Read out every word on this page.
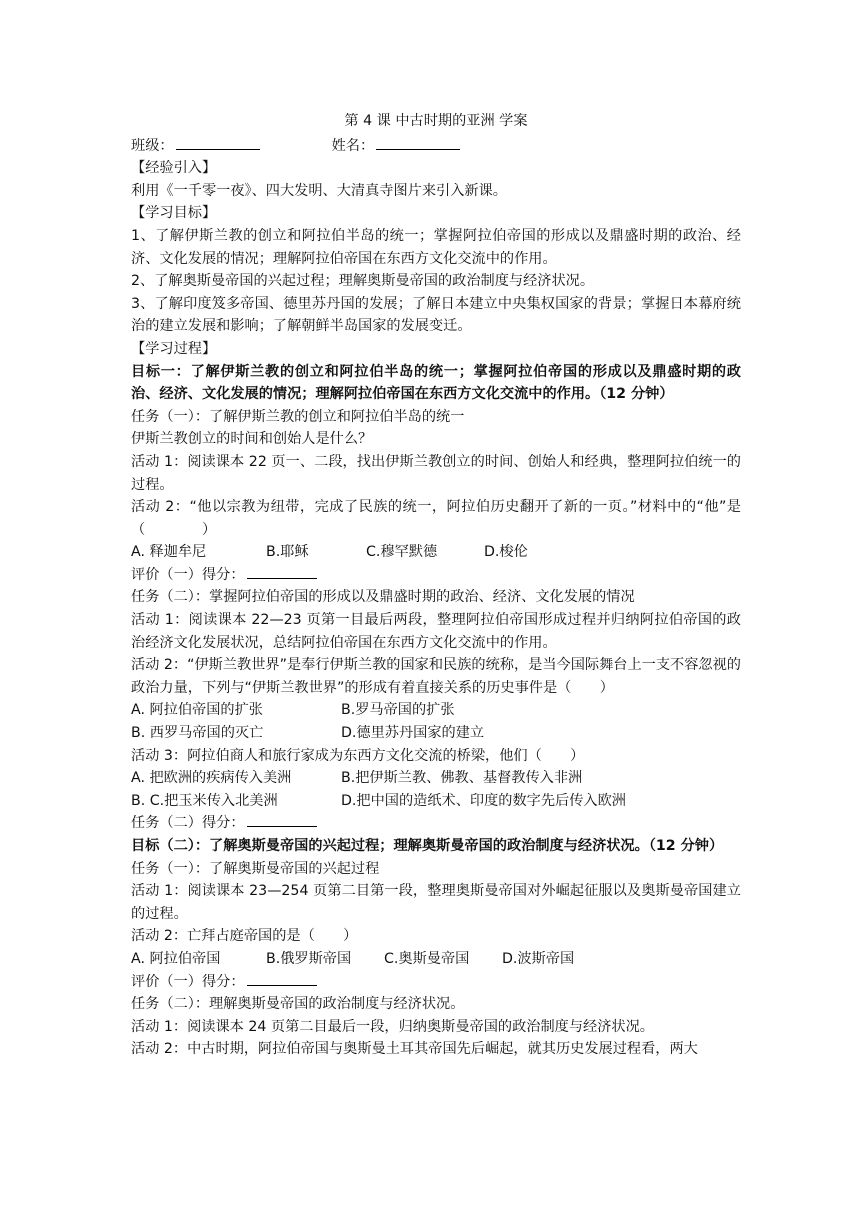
第 4 课 中古时期的亚洲 学案
班级：	姓名：
【经验引入】
利用《一千零一夜》、四大发明、大清真寺图片来引入新课。
【学习目标】
1、了解伊斯兰教的创立和阿拉伯半岛的统一；掌握阿拉伯帝国的形成以及鼎盛时期的政治、经济、文化发展的情况；理解阿拉伯帝国在东西方文化交流中的作用。
2、了解奥斯曼帝国的兴起过程；理解奥斯曼帝国的政治制度与经济状况。
3、了解印度笈多帝国、德里苏丹国的发展；了解日本建立中央集权国家的背景；掌握日本幕府统治的建立发展和影响；了解朝鲜半岛国家的发展变迁。
【学习过程】
目标一：了解伊斯兰教的创立和阿拉伯半岛的统一；掌握阿拉伯帝国的形成以及鼎盛时期的政治、经济、文化发展的情况；理解阿拉伯帝国在东西方文化交流中的作用。（12 分钟）
任务（一）：了解伊斯兰教的创立和阿拉伯半岛的统一
伊斯兰教创立的时间和创始人是什么？
活动 1：阅读课本 22 页一、二段，找出伊斯兰教创立的时间、创始人和经典，整理阿拉伯统一的过程。
活动 2：“他以宗教为纽带，完成了民族的统一，阿拉伯历史翻开了新的一页。”材料中的“他”是（　　　　）
A. 释迦牟尼	B.耶稣	C.穆罕默德	D.梭伦
评价（一）得分：
任务（二）：掌握阿拉伯帝国的形成以及鼎盛时期的政治、经济、文化发展的情况
活动 1：阅读课本 22—23 页第一目最后两段，整理阿拉伯帝国形成过程并归纳阿拉伯帝国的政治经济文化发展状况，总结阿拉伯帝国在东西方文化交流中的作用。
活动 2：“伊斯兰教世界”是奉行伊斯兰教的国家和民族的统称，是当今国际舞台上一支不容忽视的政治力量，下列与“伊斯兰教世界”的形成有着直接关系的历史事件是（　　）
A. 阿拉伯帝国的扩张	B.罗马帝国的扩张
B. 西罗马帝国的灭亡	D.德里苏丹国家的建立
活动 3：阿拉伯商人和旅行家成为东西方文化交流的桥梁，他们（　　）
A. 把欧洲的疾病传入美洲	B.把伊斯兰教、佛教、基督教传入非洲
B. C.把玉米传入北美洲	D.把中国的造纸术、印度的数字先后传入欧洲
任务（二）得分：
目标（二）：了解奥斯曼帝国的兴起过程；理解奥斯曼帝国的政治制度与经济状况。（12 分钟）
任务（一）：了解奥斯曼帝国的兴起过程
活动 1：阅读课本 23—254 页第二目第一段，整理奥斯曼帝国对外崛起征服以及奥斯曼帝国建立的过程。
活动 2：亡拜占庭帝国的是（　　）
A. 阿拉伯帝国	B.俄罗斯帝国 C.奥斯曼帝国 D.波斯帝国
评价（一）得分：
任务（二）：理解奥斯曼帝国的政治制度与经济状况。
活动 1：阅读课本 24 页第二目最后一段，归纳奥斯曼帝国的政治制度与经济状况。
活动 2：中古时期，阿拉伯帝国与奥斯曼土耳其帝国先后崛起，就其历史发展过程看，两大
